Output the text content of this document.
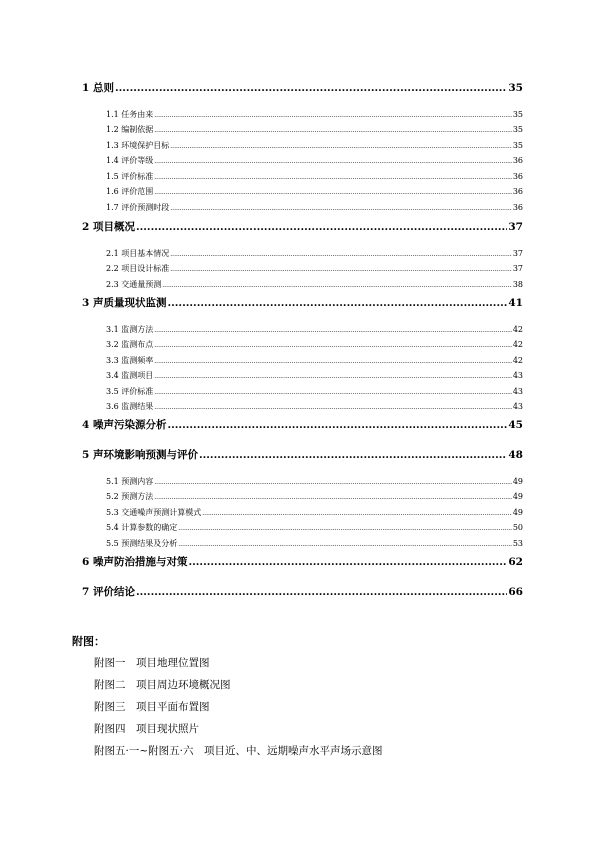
1 总则 .....	35
1.1 任务由来 .....	35
1.2 编制依据 .....	35
1.3 环境保护目标 .....	35
1.4 评价等级 .....	36
1.5 评价标准 .....	36
1.6 评价范围 .....	36
1.7 评价预测时段 .....	36
2 项目概况 .....	37
2.1 项目基本情况 .....	37
2.2 项目设计标准 .....	37
2.3 交通量预测 .....	38
3 声质量现状监测 .....	41
3.1 监测方法 .....	42
3.2 监测布点 .....	42
3.3 监测频率 .....	42
3.4 监测项目 .....	43
3.5 评价标准 .....	43
3.6 监测结果 .....	43
4 噪声污染源分析 .....	45
5 声环境影响预测与评价 .....	48
5.1 预测内容 .....	49
5.2 预测方法 .....	49
5.3 交通噪声预测计算模式 .....	49
5.4 计算参数的确定 .....	50
5.5 预测结果及分析 .....	53
6 噪声防治措施与对策 .....	62
7 评价结论 .....	66
附图：
附图一　项目地理位置图
附图二　项目周边环境概况图
附图三　项目平面布置图
附图四　项目现状照片
附图五·一~附图五·六　项目近、中、远期噪声水平声场示意图
